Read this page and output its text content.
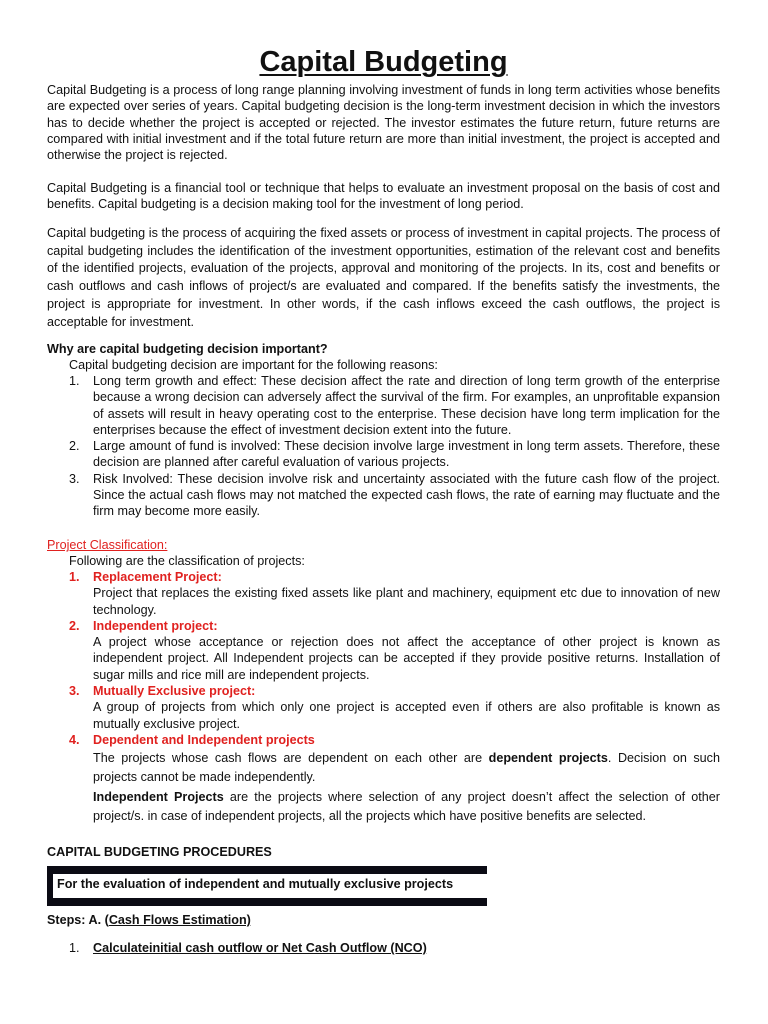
Capital Budgeting

Capital Budgeting is a process of long range planning involving investment of funds in long term activities whose benefits are expected over series of years. Capital budgeting decision is the long-term investment decision in which the investors has to decide whether the project is accepted or rejected. The investor estimates the future return, future returns are compared with initial investment and if the total future return are more than initial investment, the project is accepted and otherwise the project is rejected.

Capital Budgeting is a financial tool or technique that helps to evaluate an investment proposal on the basis of cost and benefits. Capital budgeting is a decision making tool for the investment of long period.

Capital budgeting is the process of acquiring the fixed assets or process of investment in capital projects. The process of capital budgeting includes the identification of the investment opportunities, estimation of the relevant cost and benefits of the identified projects, evaluation of the projects, approval and monitoring of the projects. In its, cost and benefits or cash outflows and cash inflows of project/s are evaluated and compared. If the benefits satisfy the investments, the project is appropriate for investment. In other words, if the cash inflows exceed the cash outflows, the project is acceptable for investment.

Why are capital budgeting decision important?
Capital budgeting decision are important for the following reasons:
1. Long term growth and effect: These decision affect the rate and direction of long term growth of the enterprise because a wrong decision can adversely affect the survival of the firm. For examples, an unprofitable expansion of assets will result in heavy operating cost to the enterprise. These decision have long term implication for the enterprises because the effect of investment decision extent into the future.
2. Large amount of fund is involved: These decision involve large investment in long term assets. Therefore, these decision are planned after careful evaluation of various projects.
3. Risk Involved: These decision involve risk and uncertainty associated with the future cash flow of the project. Since the actual cash flows may not matched the expected cash flows, the rate of earning may fluctuate and the firm may become more easily.
Project Classification:
Following are the classification of projects:
1. Replacement Project:
Project that replaces the existing fixed assets like plant and machinery, equipment etc due to innovation of new technology.
2. Independent project:
A project whose acceptance or rejection does not affect the acceptance of other project is known as independent project. All Independent projects can be accepted if they provide positive returns. Installation of sugar mills and rice mill are independent projects.
3. Mutually Exclusive project:
A group of projects from which only one project is accepted even if others are also profitable is known as mutually exclusive project.
4. Dependent and Independent projects
The projects whose cash flows are dependent on each other are dependent projects. Decision on such projects cannot be made independently.
Independent Projects are the projects where selection of any project doesn’t affect the selection of other project/s. in case of independent projects, all the projects which have positive benefits are selected.
CAPITAL BUDGETING PROCEDURES
For the evaluation of independent and mutually exclusive projects
Steps: A. (Cash Flows Estimation)
1. Calculateinitial cash outflow or Net Cash Outflow (NCO)
